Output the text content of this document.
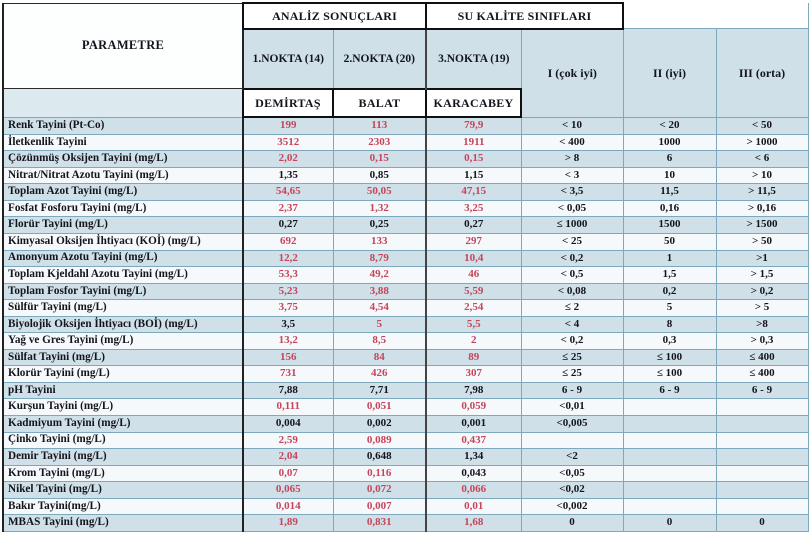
PARAMETRE	ANALİZ SONUÇLARI		SU KALİTE SINIFLARI			
	1.NOKTA (14)	2.NOKTA (20)	3.NOKTA (19)	I (çok iyi)	II (iyi)	III (orta)
	DEMİRTAŞ	BALAT	KARACABEY			
Renk Tayini (Pt-Co)	199	113	79,9	< 10	< 20	< 50
İletkenlik Tayini	3512	2303	1911	< 400	1000	> 1000
Çözünmüş Oksijen Tayini (mg/L)	2,02	0,15	0,15	> 8	6	< 6
Nitrat/Nitrat Azotu Tayini (mg/L)	1,35	0,85	1,15	< 3	10	> 10
Toplam Azot Tayini (mg/L)	54,65	50,05	47,15	< 3,5	11,5	> 11,5
Fosfat Fosforu Tayini (mg/L)	2,37	1,32	3,25	< 0,05	0,16	> 0,16
Florür Tayini (mg/L)	0,27	0,25	0,27	≤ 1000	1500	> 1500
Kimyasal Oksijen İhtiyacı (KOİ) (mg/L)	692	133	297	< 25	50	> 50
Amonyum Azotu Tayini (mg/L)	12,2	8,79	10,4	< 0,2	1	>1
Toplam Kjeldahl Azotu Tayini (mg/L)	53,3	49,2	46	< 0,5	1,5	> 1,5
Toplam Fosfor Tayini (mg/L)	5,23	3,88	5,59	< 0,08	0,2	> 0,2
Sülfür Tayini (mg/L)	3,75	4,54	2,54	≤ 2	5	> 5
Biyolojik Oksijen İhtiyacı (BOİ) (mg/L)	3,5	5	5,5	< 4	8	>8
Yağ ve Gres Tayini (mg/L)	13,2	8,5	2	< 0,2	0,3	> 0,3
Sülfat Tayini (mg/L)	156	84	89	≤ 25	≤ 100	≤ 400
Klorür Tayini (mg/L)	731	426	307	≤ 25	≤ 100	≤ 400
pH Tayini	7,88	7,71	7,98	6 - 9	6 - 9	6 - 9
Kurşun Tayini (mg/L)	0,111	0,051	0,059	<0,01		
Kadmiyum Tayini (mg/L)	0,004	0,002	0,001	<0,005		
Çinko Tayini (mg/L)	2,59	0,089	0,437			
Demir Tayini (mg/L)	2,04	0,648	1,34	<2		
Krom Tayini (mg/L)	0,07	0,116	0,043	<0,05		
Nikel Tayini (mg/L)	0,065	0,072	0,066	<0,02		
Bakır Tayini(mg/L)	0,014	0,007	0,01	<0,002		
MBAS Tayini (mg/L)	1,89	0,831	1,68	0	0	0
